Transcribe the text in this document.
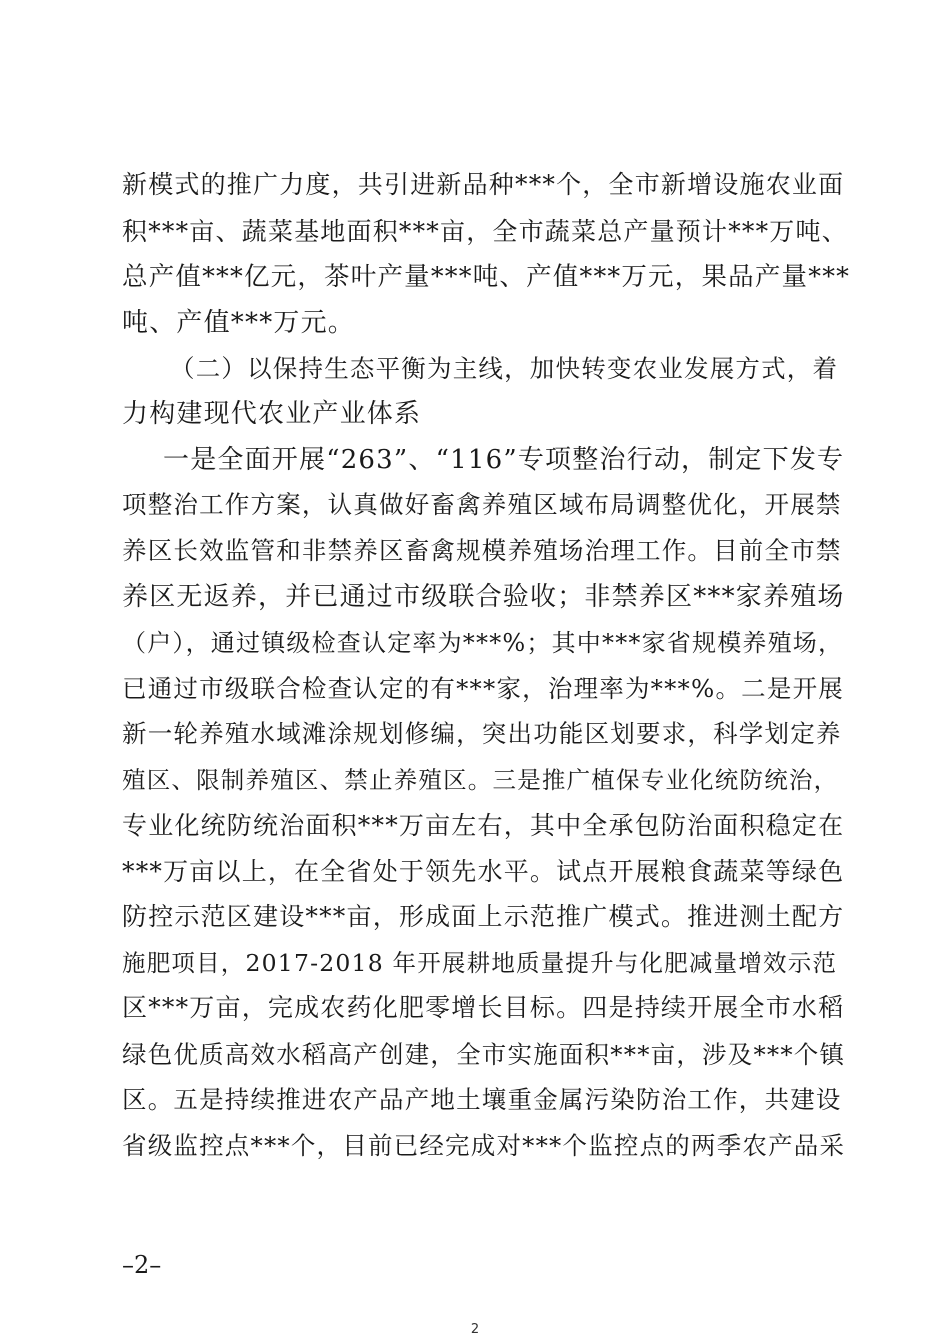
新模式的推广力度，共引进新品种***个，全市新增设施农业面
积***亩、蔬菜基地面积***亩，全市蔬菜总产量预计***万吨、
总产值***亿元，茶叶产量***吨、产值***万元，果品产量***
吨、产值***万元。
（二）以保持生态平衡为主线，加快转变农业发展方式，着
力构建现代农业产业体系
一是全面开展“263”、“116”专项整治行动，制定下发专
项整治工作方案，认真做好畜禽养殖区域布局调整优化，开展禁
养区长效监管和非禁养区畜禽规模养殖场治理工作。目前全市禁
养区无返养，并已通过市级联合验收；非禁养区***家养殖场
（户），通过镇级检查认定率为***%；其中***家省规模养殖场，
已通过市级联合检查认定的有***家，治理率为***%。二是开展
新一轮养殖水域滩涂规划修编，突出功能区划要求，科学划定养
殖区、限制养殖区、禁止养殖区。三是推广植保专业化统防统治，
专业化统防统治面积***万亩左右，其中全承包防治面积稳定在
***万亩以上，在全省处于领先水平。试点开展粮食蔬菜等绿色
防控示范区建设***亩，形成面上示范推广模式。推进测土配方
施肥项目，2017-2018 年开展耕地质量提升与化肥减量增效示范
区***万亩，完成农药化肥零增长目标。四是持续开展全市水稻
绿色优质高效水稻高产创建，全市实施面积***亩，涉及***个镇
区。五是持续推进农产品产地土壤重金属污染防治工作，共建设
省级监控点***个，目前已经完成对***个监控点的两季农产品采
–2–
2
